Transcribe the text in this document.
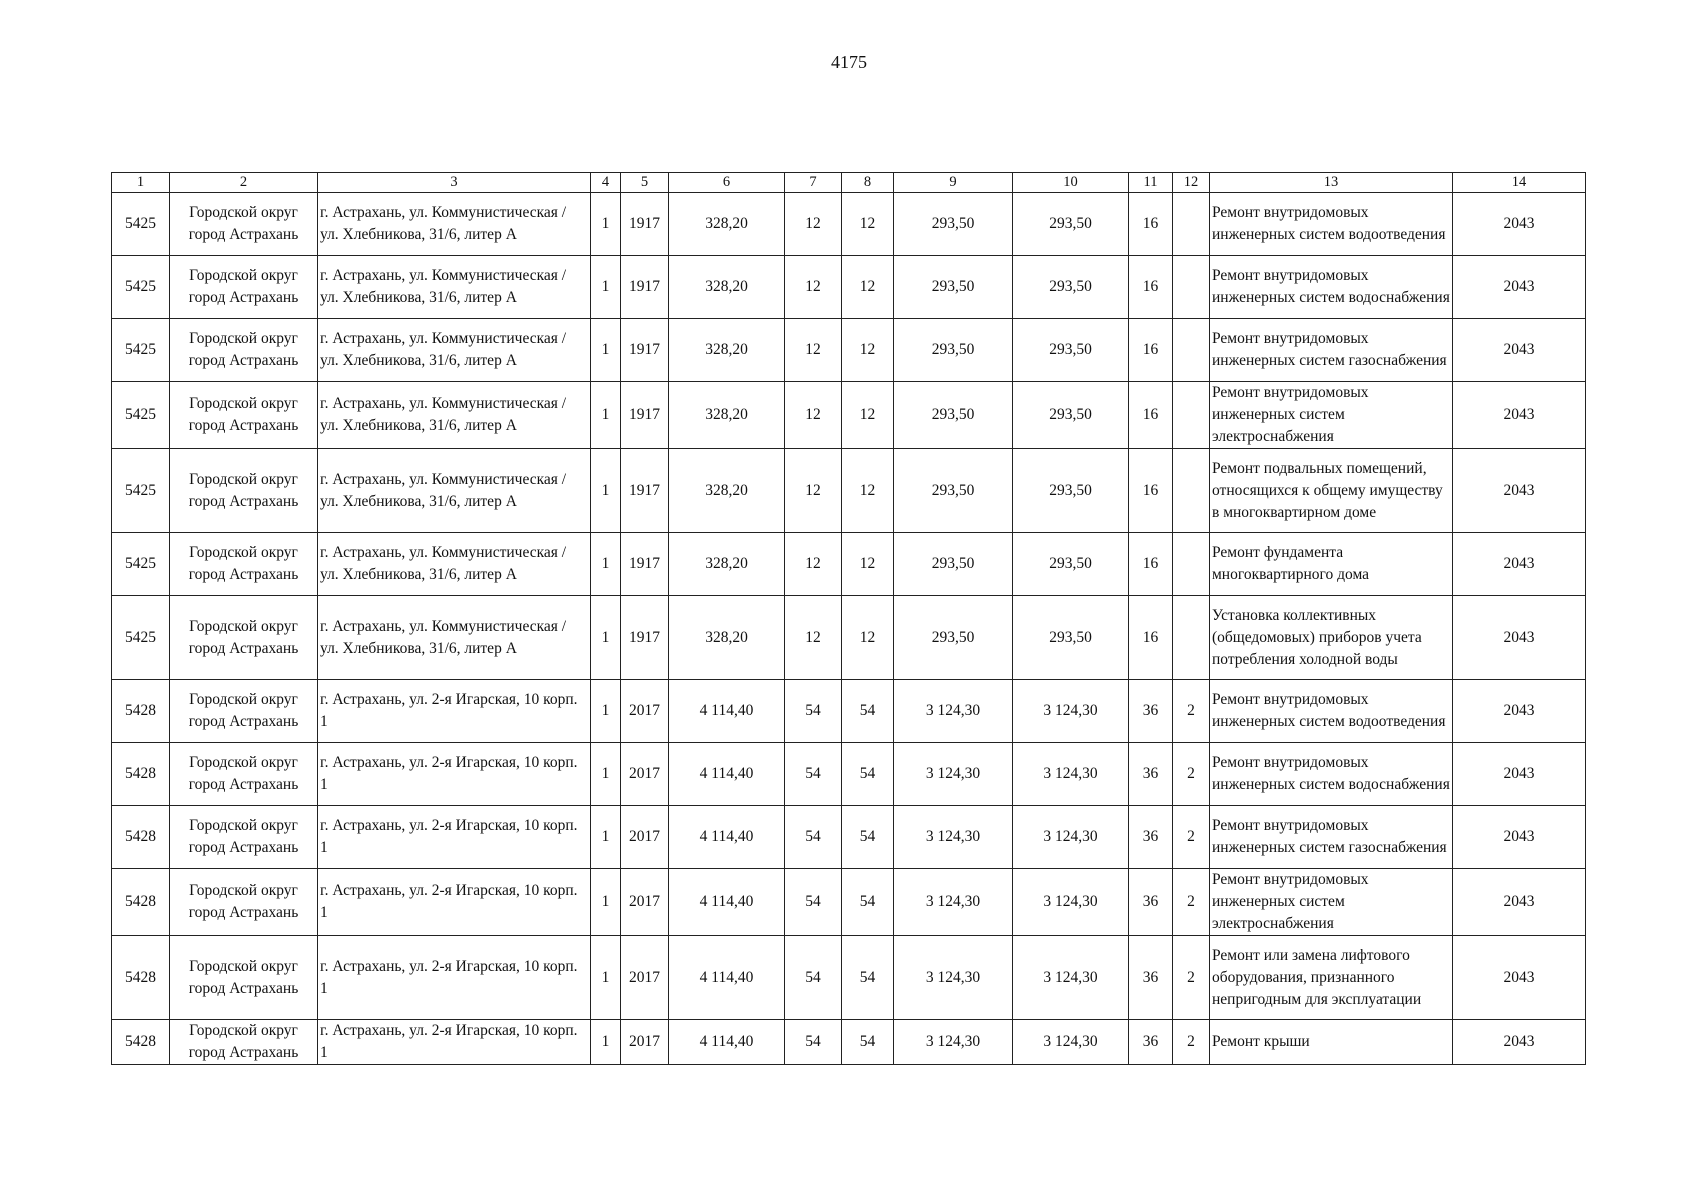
4175
1	2	3	4	5	6	7	8	9	10	11	12	13	14
5425	Городской округ город Астрахань	г. Астрахань, ул. Коммунистическая / ул. Хлебникова, 31/6, литер А	1	1917	328,20	12	12	293,50	293,50	16		Ремонт внутридомовых инженерных систем водоотведения	2043
5425	Городской округ город Астрахань	г. Астрахань, ул. Коммунистическая / ул. Хлебникова, 31/6, литер А	1	1917	328,20	12	12	293,50	293,50	16		Ремонт внутридомовых инженерных систем водоснабжения	2043
5425	Городской округ город Астрахань	г. Астрахань, ул. Коммунистическая / ул. Хлебникова, 31/6, литер А	1	1917	328,20	12	12	293,50	293,50	16		Ремонт внутридомовых инженерных систем газоснабжения	2043
5425	Городской округ город Астрахань	г. Астрахань, ул. Коммунистическая / ул. Хлебникова, 31/6, литер А	1	1917	328,20	12	12	293,50	293,50	16		Ремонт внутридомовых инженерных систем электроснабжения	2043
5425	Городской округ город Астрахань	г. Астрахань, ул. Коммунистическая / ул. Хлебникова, 31/6, литер А	1	1917	328,20	12	12	293,50	293,50	16		Ремонт подвальных помещений, относящихся к общему имуществу в многоквартирном доме	2043
5425	Городской округ город Астрахань	г. Астрахань, ул. Коммунистическая / ул. Хлебникова, 31/6, литер А	1	1917	328,20	12	12	293,50	293,50	16		Ремонт фундамента многоквартирного дома	2043
5425	Городской округ город Астрахань	г. Астрахань, ул. Коммунистическая / ул. Хлебникова, 31/6, литер А	1	1917	328,20	12	12	293,50	293,50	16		Установка коллективных (общедомовых) приборов учета потребления холодной воды	2043
5428	Городской округ город Астрахань	г. Астрахань, ул. 2-я Игарская, 10 корп. 1	1	2017	4 114,40	54	54	3 124,30	3 124,30	36	2	Ремонт внутридомовых инженерных систем водоотведения	2043
5428	Городской округ город Астрахань	г. Астрахань, ул. 2-я Игарская, 10 корп. 1	1	2017	4 114,40	54	54	3 124,30	3 124,30	36	2	Ремонт внутридомовых инженерных систем водоснабжения	2043
5428	Городской округ город Астрахань	г. Астрахань, ул. 2-я Игарская, 10 корп. 1	1	2017	4 114,40	54	54	3 124,30	3 124,30	36	2	Ремонт внутридомовых инженерных систем газоснабжения	2043
5428	Городской округ город Астрахань	г. Астрахань, ул. 2-я Игарская, 10 корп. 1	1	2017	4 114,40	54	54	3 124,30	3 124,30	36	2	Ремонт внутридомовых инженерных систем электроснабжения	2043
5428	Городской округ город Астрахань	г. Астрахань, ул. 2-я Игарская, 10 корп. 1	1	2017	4 114,40	54	54	3 124,30	3 124,30	36	2	Ремонт или замена лифтового оборудования, признанного непригодным для эксплуатации	2043
5428	Городской округ город Астрахань	г. Астрахань, ул. 2-я Игарская, 10 корп. 1	1	2017	4 114,40	54	54	3 124,30	3 124,30	36	2	Ремонт крыши	2043
